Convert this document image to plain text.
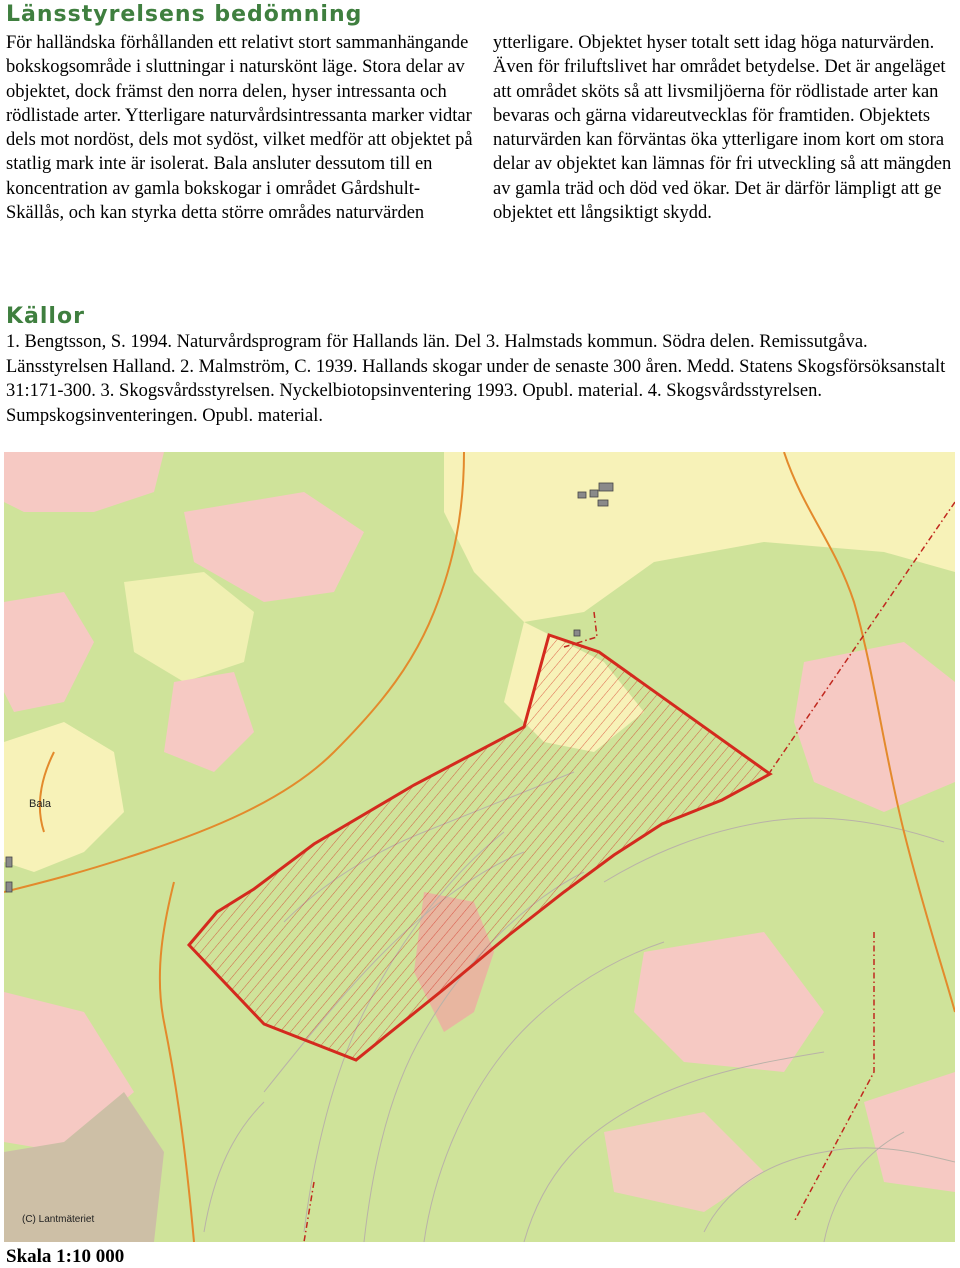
Länsstyrelsens bedömning

För halländska förhållanden ett relativt stort sammanhängande bokskogsområde i sluttningar i naturskönt läge. Stora delar av objektet, dock främst den norra delen, hyser intressanta och rödlistade arter. Ytterligare naturvårdsintressanta marker vidtar dels mot nordöst, dels mot sydöst, vilket medför att objektet på statlig mark inte är isolerat. Bala ansluter dessutom till en koncentration av gamla bokskogar i området Gårdshult-Skällås, och kan styrka detta större områdes naturvärden

ytterligare. Objektet hyser totalt sett idag höga naturvärden. Även för friluftslivet har området betydelse. Det är angeläget att området sköts så att livsmiljöerna för rödlistade arter kan bevaras och gärna vidareutvecklas för framtiden. Objektets naturvärden kan förväntas öka ytterligare inom kort om stora delar av objektet kan lämnas för fri utveckling så att mängden av gamla träd och död ved ökar. Det är därför lämpligt att ge objektet ett långsiktigt skydd.

Källor

1. Bengtsson, S. 1994. Naturvårdsprogram för Hallands län. Del 3. Halmstads kommun. Södra delen. Remissutgåva. Länsstyrelsen Halland. 2. Malmström, C. 1939. Hallands skogar under de senaste 300 åren. Medd. Statens Skogsförsöksanstalt 31:171-300. 3. Skogsvårdsstyrelsen. Nyckelbiotopsinventering 1993. Opubl. material. 4. Skogsvårdsstyrelsen. Sumpskogsinventeringen. Opubl. material.

Bala
(C) Lantmäteriet
Skala 1:10 000
